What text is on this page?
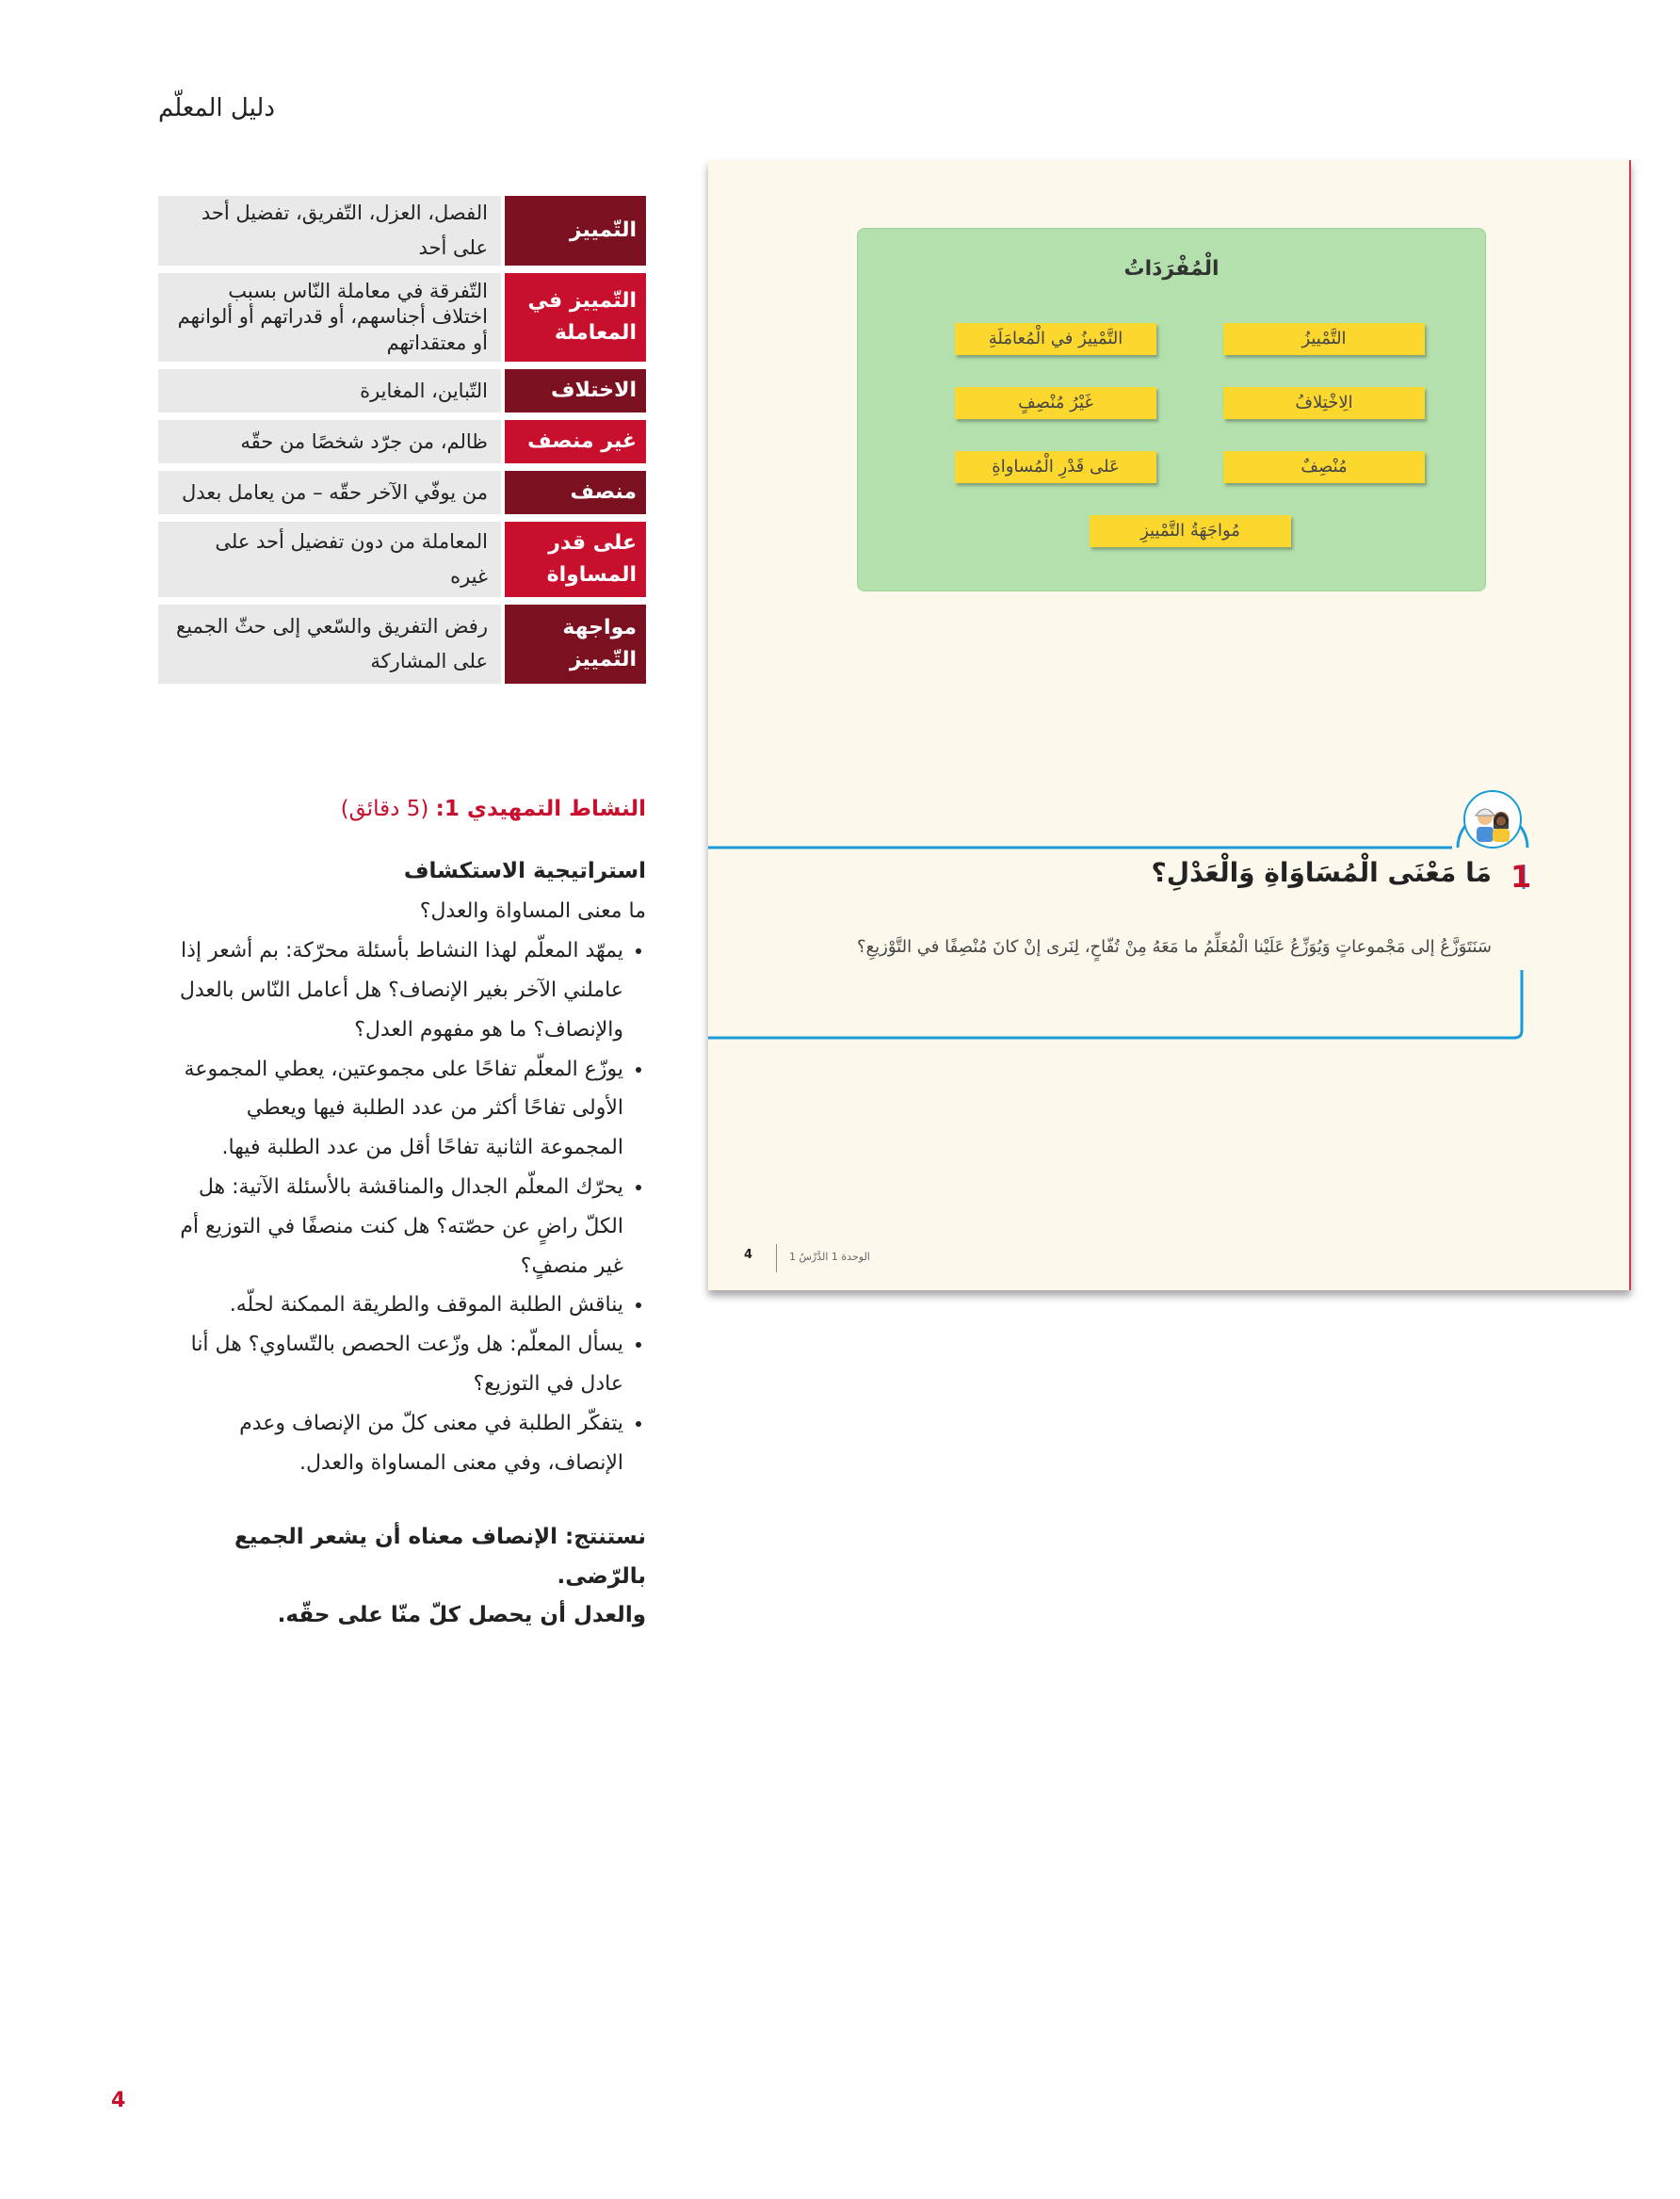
دليل المعلّم
التّمييز
الفصل، العزل، التّفريق، تفضيل أحد على أحد
التّمييز في المعاملة
التّفرقة في معاملة النّاس بسبب اختلاف أجناسهم، أو قدراتهم أو ألوانهم أو معتقداتهم
الاختلاف
التّباين، المغايرة
غير منصف
ظالم، من جرّد شخصًا من حقّه
منصف
من يوفّي الآخر حقّه – من يعامل بعدل
على قدر المساواة
المعاملة من دون تفضيل أحد على غيره
مواجهة التّمييز
رفض التفريق والسّعي إلى حثّ الجميع على المشاركة
النشاط التمهيدي 1: (5 دقائق)
استراتيجية الاستكشاف
ما معنى المساواة والعدل؟
• يمهّد المعلّم لهذا النشاط بأسئلة محرّكة: بم أشعر إذا عاملني الآخر بغير الإنصاف؟ هل أعامل النّاس بالعدل والإنصاف؟ ما هو مفهوم العدل؟
• يوزّع المعلّم تفاحًا على مجموعتين، يعطي المجموعة الأولى تفاحًا أكثر من عدد الطلبة فيها ويعطي المجموعة الثانية تفاحًا أقل من عدد الطلبة فيها.
• يحرّك المعلّم الجدال والمناقشة بالأسئلة الآتية: هل الكلّ راضٍ عن حصّته؟ هل كنت منصفًا في التوزيع أم غير منصفٍ؟
• يناقش الطلبة الموقف والطريقة الممكنة لحلّه.
• يسأل المعلّم: هل وزّعت الحصص بالتّساوي؟ هل أنا عادل في التوزيع؟
• يتفكّر الطلبة في معنى كلّ من الإنصاف وعدم الإنصاف، وفي معنى المساواة والعدل.
نستنتج: الإنصاف معناه أن يشعر الجميع بالرّضى.
والعدل أن يحصل كلّ منّا على حقّه.
4
الْمُفْرَدَاتُ
التَّمْييزُ
التَّمْييزُ في الْمُعامَلَةِ
الِاخْتِلافُ
غَيْرُ مُنْصِفٍ
مُنْصِفٌ
عَلى قَدْرِ الْمُساواةِ
مُواجَهَةُ التَّمْييزِ
1
مَا مَعْنَى الْمُسَاوَاةِ وَالْعَدْلِ؟
سَنَتَوَزَّعُ إلى مَجْموعاتٍ وَيُوَزِّعُ عَلَيْنا الْمُعَلِّمُ ما مَعَهُ مِنْ تُفّاحٍ، لِنَرى إنْ كانَ مُنْصِفًا في التَّوْزيعِ؟
4	الوحدة 1 الدَّرْسُ 1
